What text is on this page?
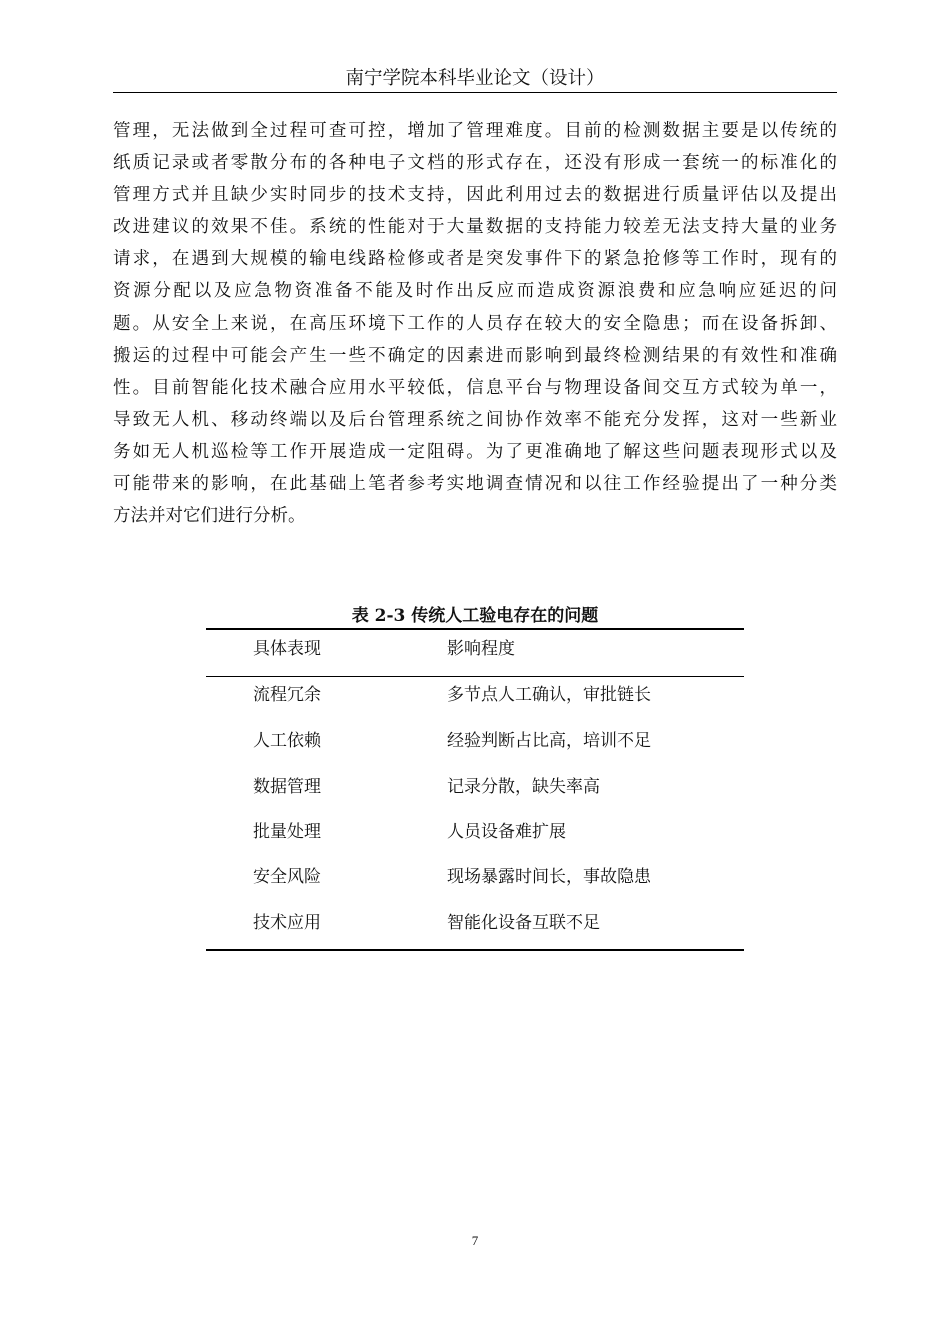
南宁学院本科毕业论文（设计）
管理，无法做到全过程可查可控，增加了管理难度。目前的检测数据主要是以传统的
纸质记录或者零散分布的各种电子文档的形式存在，还没有形成一套统一的标准化的
管理方式并且缺少实时同步的技术支持，因此利用过去的数据进行质量评估以及提出
改进建议的效果不佳。系统的性能对于大量数据的支持能力较差无法支持大量的业务
请求，在遇到大规模的输电线路检修或者是突发事件下的紧急抢修等工作时，现有的
资源分配以及应急物资准备不能及时作出反应而造成资源浪费和应急响应延迟的问
题。从安全上来说，在高压环境下工作的人员存在较大的安全隐患；而在设备拆卸、
搬运的过程中可能会产生一些不确定的因素进而影响到最终检测结果的有效性和准确
性。目前智能化技术融合应用水平较低，信息平台与物理设备间交互方式较为单一，
导致无人机、移动终端以及后台管理系统之间协作效率不能充分发挥，这对一些新业
务如无人机巡检等工作开展造成一定阻碍。为了更准确地了解这些问题表现形式以及
可能带来的影响，在此基础上笔者参考实地调查情况和以往工作经验提出了一种分类
方法并对它们进行分析。
表 2-3 传统人工验电存在的问题
具体表现	影响程度
流程冗余	多节点人工确认，审批链长
人工依赖	经验判断占比高，培训不足
数据管理	记录分散，缺失率高
批量处理	人员设备难扩展
安全风险	现场暴露时间长，事故隐患
技术应用	智能化设备互联不足
7
